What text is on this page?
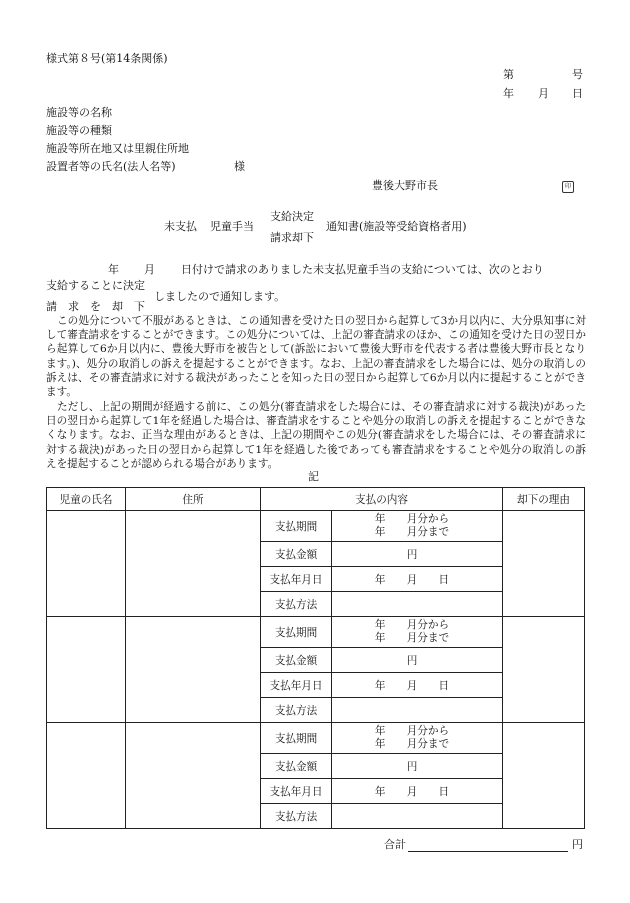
様式第８号(第14条関係)
第	号
年 月 日
施設等の名称
施設等の種類
施設等所在地又は里親住所地
設置者等の氏名(法人名等)	様
豊後大野市長	印
未支払 児童手当
支給決定
請求却下
通知書(施設等受給資格者用)
年 月 日付けで請求のありました未支払児童手当の支給については、次のとおり
支給することに決定
しましたので通知します。
請　求　を　却　下
この処分について不服があるときは、この通知書を受けた日の翌日から起算して3か月以内に、大分県知事に対して審査請求をすることができます。この処分については、上記の審査請求のほか、この通知を受けた日の翌日から起算して6か月以内に、豊後大野市を被告として(訴訟において豊後大野市を代表する者は豊後大野市長となります。)、処分の取消しの訴えを提起することができます。なお、上記の審査請求をした場合には、処分の取消しの訴えは、その審査請求に対する裁決があったことを知った日の翌日から起算して6か月以内に提起することができます。
ただし、上記の期間が経過する前に、この処分(審査請求をした場合には、その審査請求に対する裁決)があった日の翌日から起算して1年を経過した場合は、審査請求をすることや処分の取消しの訴えを提起することができなくなります。なお、正当な理由があるときは、上記の期間やこの処分(審査請求をした場合には、その審査請求に対する裁決)があった日の翌日から起算して1年を経過した後であっても審査請求をすることや処分の取消しの訴えを提起することが認められる場合があります。
記
児童の氏名	住所	支払の内容		却下の理由
		支払期間	年　　月分から
年　　月分まで	

		支払金額	円	
		支払年月日	年　　月　　日	
		支払方法		
		支払期間	年　　月分から
年　　月分まで	

		支払金額	円	
		支払年月日	年　　月　　日	
		支払方法		
		支払期間	年　　月分から
年　　月分まで	

		支払金額	円	
		支払年月日	年　　月　　日	
		支払方法		
合計	円
